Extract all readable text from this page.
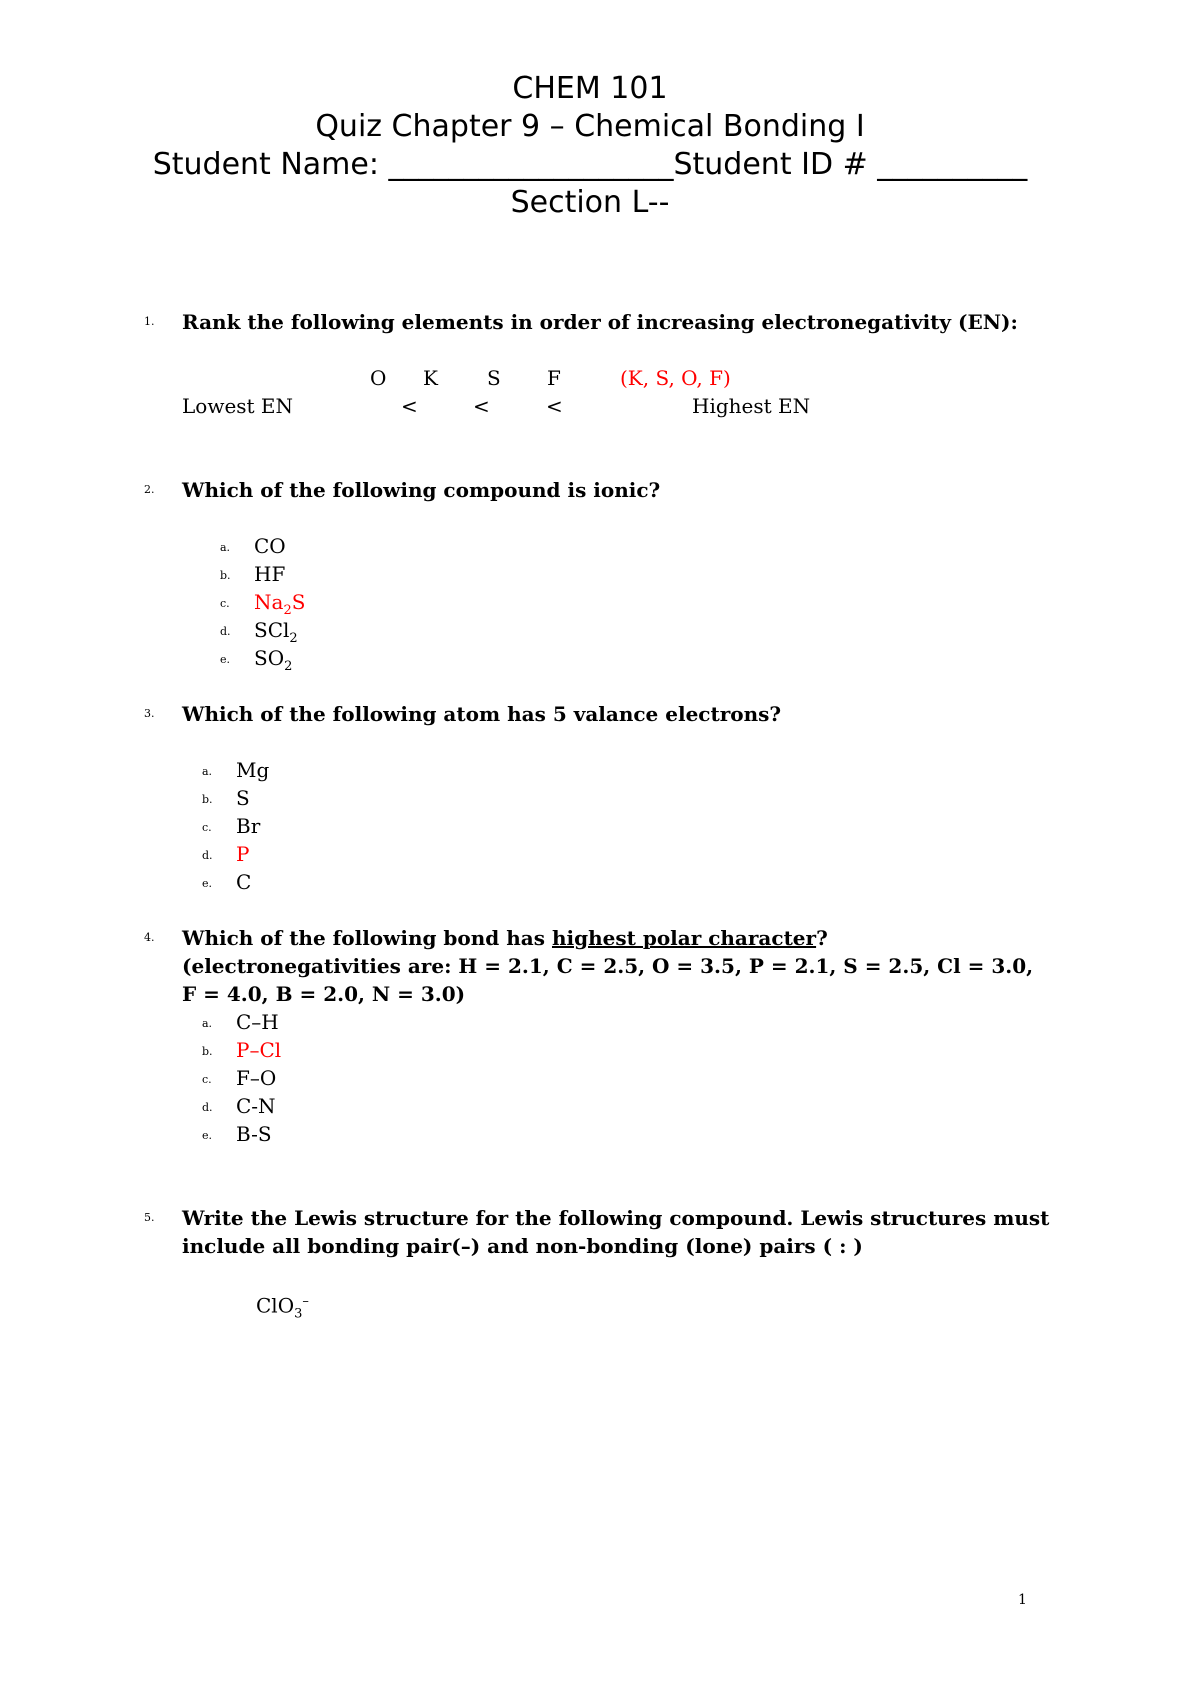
CHEM 101
Quiz Chapter 9 – Chemical Bonding I
Student Name: ___________________Student ID # __________
Section L--
1. Rank the following elements in order of increasing electronegativity (EN):
O K S F	(K, S, O, F)
Lowest EN	<	<	<	Highest EN
2. Which of the following compound is ionic?
a. CO
b. HF
c. $Na_2S$
d. SCl$_2$
e. $SO_2$
3. Which of the following atom has 5 valance electrons?
a. Mg
b. S
c. Br
d. P
e. C
4. Which of the following bond has highest polar character? (electronegativities are: H = 2.1, C = 2.5, O = 3.5, P = 2.1, S = 2.5, Cl = 3.0, F = 4.0, B = 2.0, N = 3.0)
a. C–H
b. P–Cl
c. F–O
d. C-N
e. B-S
5. Write the Lewis structure for the following compound. Lewis structures must include all bonding pair(–) and non-bonding (lone) pairs ( : )
ClO$_3$–
1
